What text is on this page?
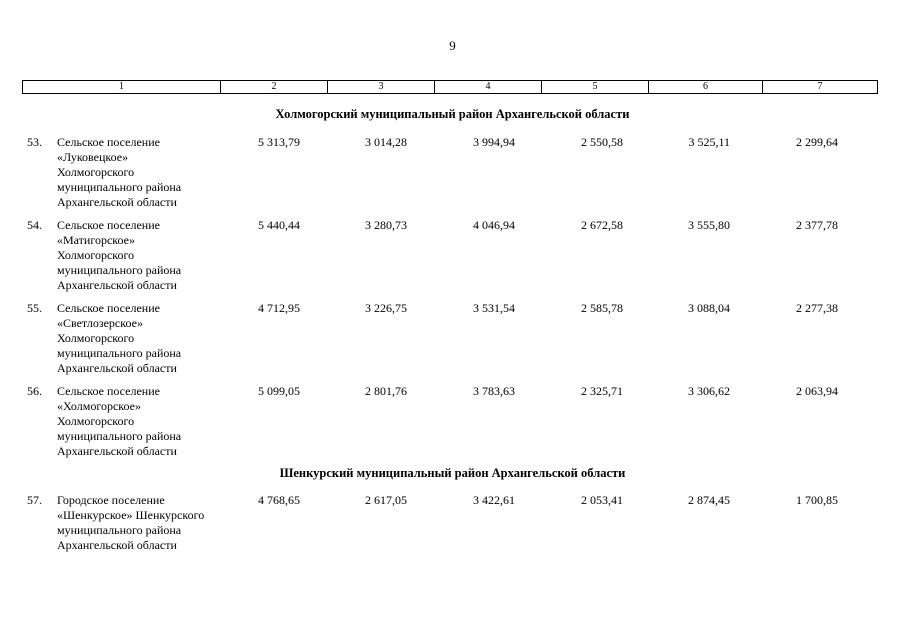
9
1	2	3	4	5	6	7
Холмогорский муниципальный район Архангельской области
53. Сельское поселение
«Луковецкое»
Холмогорского
муниципального района
Архангельской области
5 313,79	3 014,28	3 994,94	2 550,58	3 525,11	2 299,64
54. Сельское поселение
«Матигорское»
Холмогорского
муниципального района
Архангельской области
5 440,44	3 280,73	4 046,94	2 672,58	3 555,80	2 377,78
55. Сельское поселение
«Светлозерское»
Холмогорского
муниципального района
Архангельской области
4 712,95	3 226,75	3 531,54	2 585,78	3 088,04	2 277,38
56. Сельское поселение
«Холмогорское»
Холмогорского
муниципального района
Архангельской области
5 099,05	2 801,76	3 783,63	2 325,71	3 306,62	2 063,94
Шенкурский муниципальный район Архангельской области
57. Городское поселение
«Шенкурское» Шенкурского
муниципального района
Архангельской области
4 768,65	2 617,05	3 422,61	2 053,41	2 874,45	1 700,85
